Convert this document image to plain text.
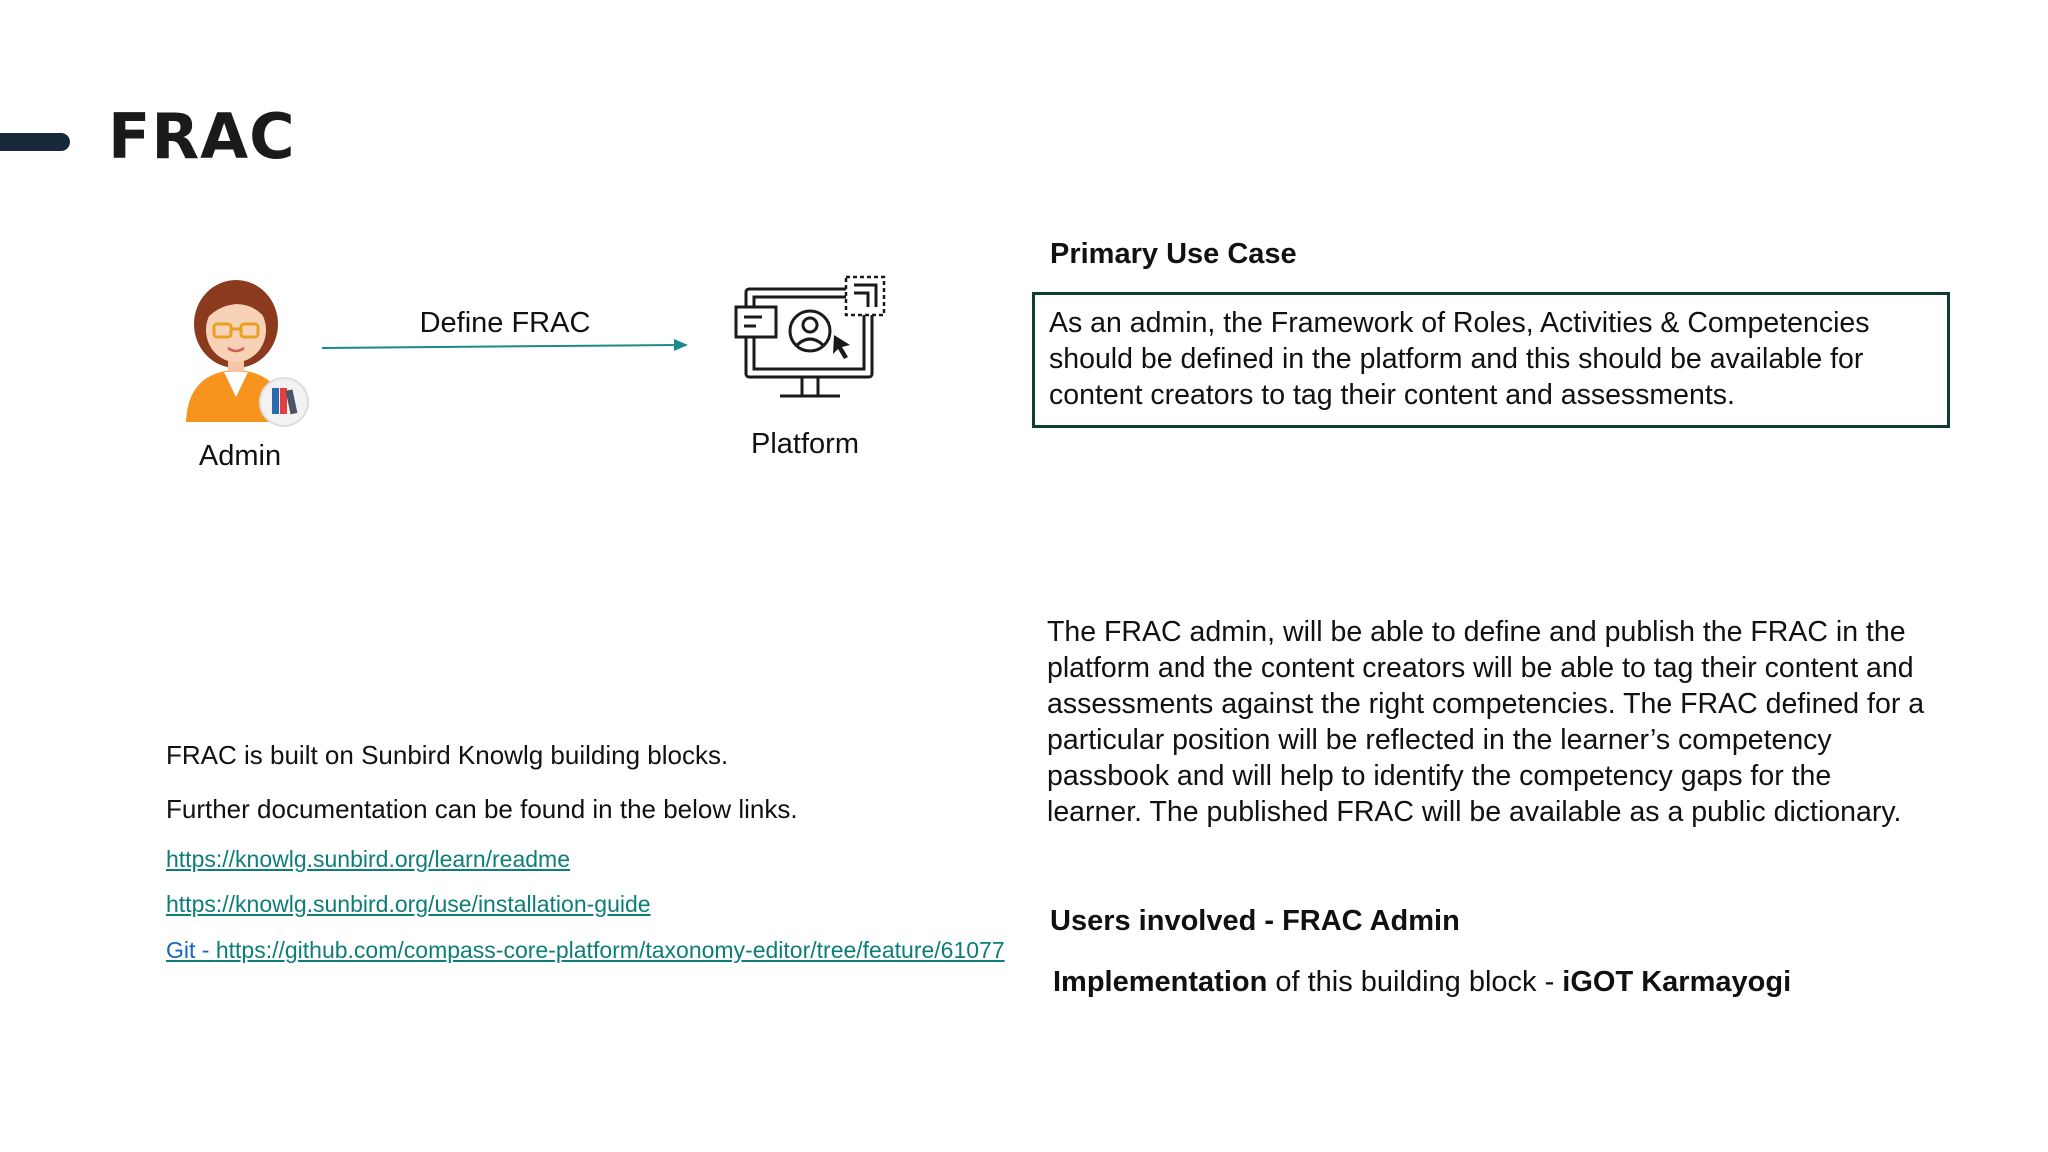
FRAC
Admin
Define FRAC
Platform
Primary Use Case
As an admin, the Framework of Roles, Activities & Competencies should be defined in the platform and this should be available for content creators to tag their content and assessments.
The FRAC admin, will be able to define and publish the FRAC in the platform and the content creators will be able to tag their content and assessments against the right competencies. The FRAC defined for a particular position will be reflected in the learner’s competency passbook and will help to identify the competency gaps for the learner. The published FRAC will be available as a public dictionary.
Users involved - FRAC Admin
Implementation of this building block - iGOT Karmayogi
FRAC is built on Sunbird Knowlg building blocks.
Further documentation can be found in the below links.
https://knowlg.sunbird.org/learn/readme
https://knowlg.sunbird.org/use/installation-guide
Git - https://github.com/compass-core-platform/taxonomy-editor/tree/feature/61077
